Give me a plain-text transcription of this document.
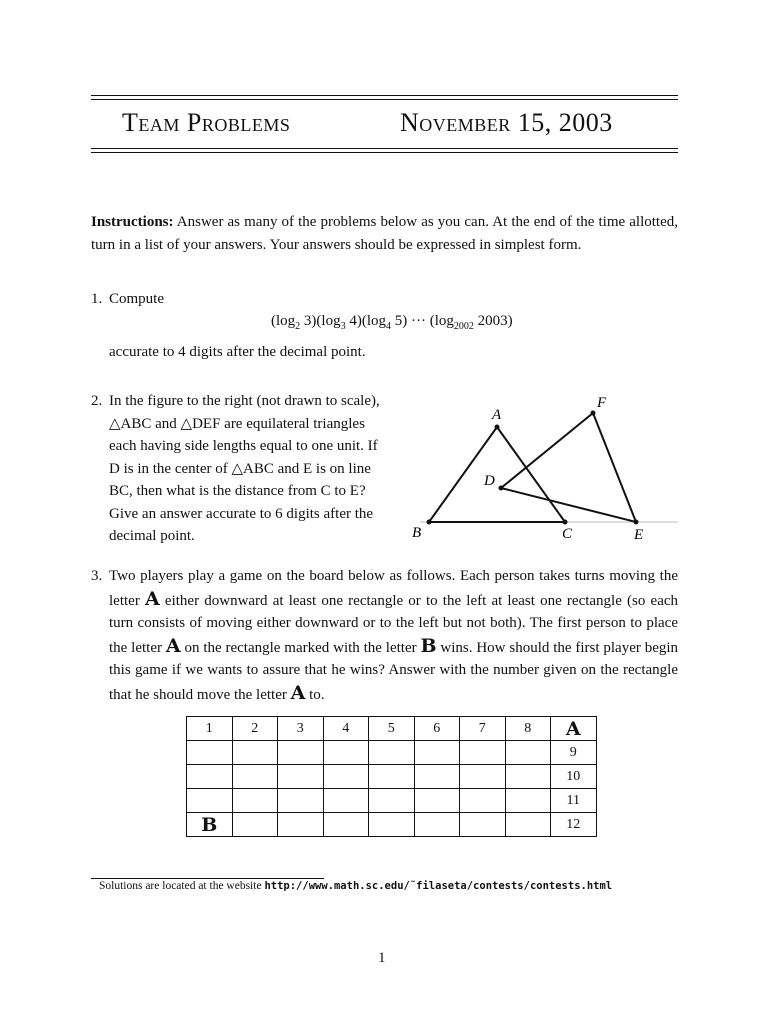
Team Problems	November 15, 2003
Instructions: Answer as many of the problems below as you can. At the end of the time allotted, turn in a list of your answers. Your answers should be expressed in simplest form.
1. Compute
($\log_2$ $3)(\log_3$ $4)(\log_4$ 5) ··· ($\log_{2002}$ 2003)
accurate to 4 digits after the decimal point.
2. In the figure to the right (not drawn to scale),
△ABC and △DEF are equilateral triangles
each having side lengths equal to one unit. If
D is in the center of △ABC and E is on line
BC, then what is the distance from C to E?
Give an answer accurate to 6 digits after the
decimal point.
A
B	C
D
E
F
3. Two players play a game on the board below as follows. Each person takes turns moving the letter A either downward at least one rectangle or to the left at least one rectangle (so each turn consists of moving either downward or to the left but not both). The first person to place the letter A on the rectangle marked with the letter B wins. How should the first player begin this game if we wants to assure that he wins? Answer with the number given on the rectangle that he should move the letter A to.
1	2	3	4	5	6	7	8	A
								9
								10
								11
B								12
Solutions are located at the website http://www.math.sc.edu/˜filaseta/contests/contests.html
1
